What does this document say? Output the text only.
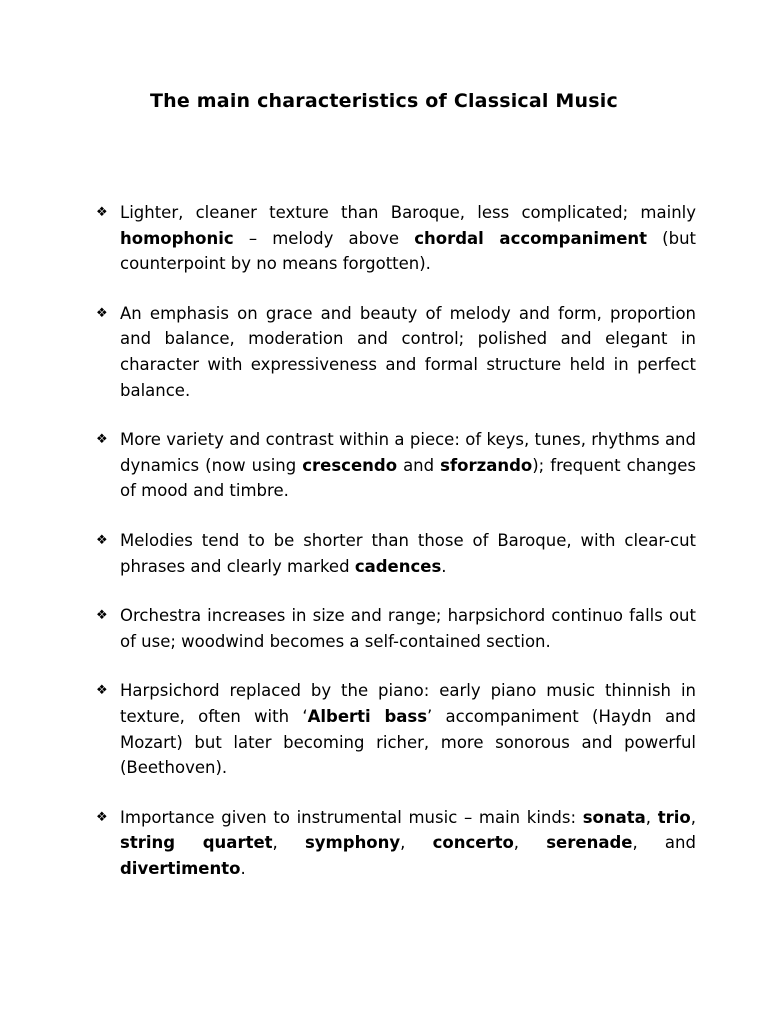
The main characteristics of Classical Music
❖ Lighter, cleaner texture than Baroque, less complicated; mainly homophonic – melody above chordal accompaniment (but counterpoint by no means forgotten).
❖ An emphasis on grace and beauty of melody and form, proportion and balance, moderation and control; polished and elegant in character with expressiveness and formal structure held in perfect balance.
❖ More variety and contrast within a piece: of keys, tunes, rhythms and dynamics (now using crescendo and sforzando); frequent changes of mood and timbre.
❖ Melodies tend to be shorter than those of Baroque, with clear-cut phrases and clearly marked cadences.
❖ Orchestra increases in size and range; harpsichord continuo falls out of use; woodwind becomes a self-contained section.
❖ Harpsichord replaced by the piano: early piano music thinnish in texture, often with ‘Alberti bass’ accompaniment (Haydn and Mozart) but later becoming richer, more sonorous and powerful (Beethoven).
❖ Importance given to instrumental music – main kinds: sonata, trio, string quartet, symphony, concerto, serenade, and divertimento.
